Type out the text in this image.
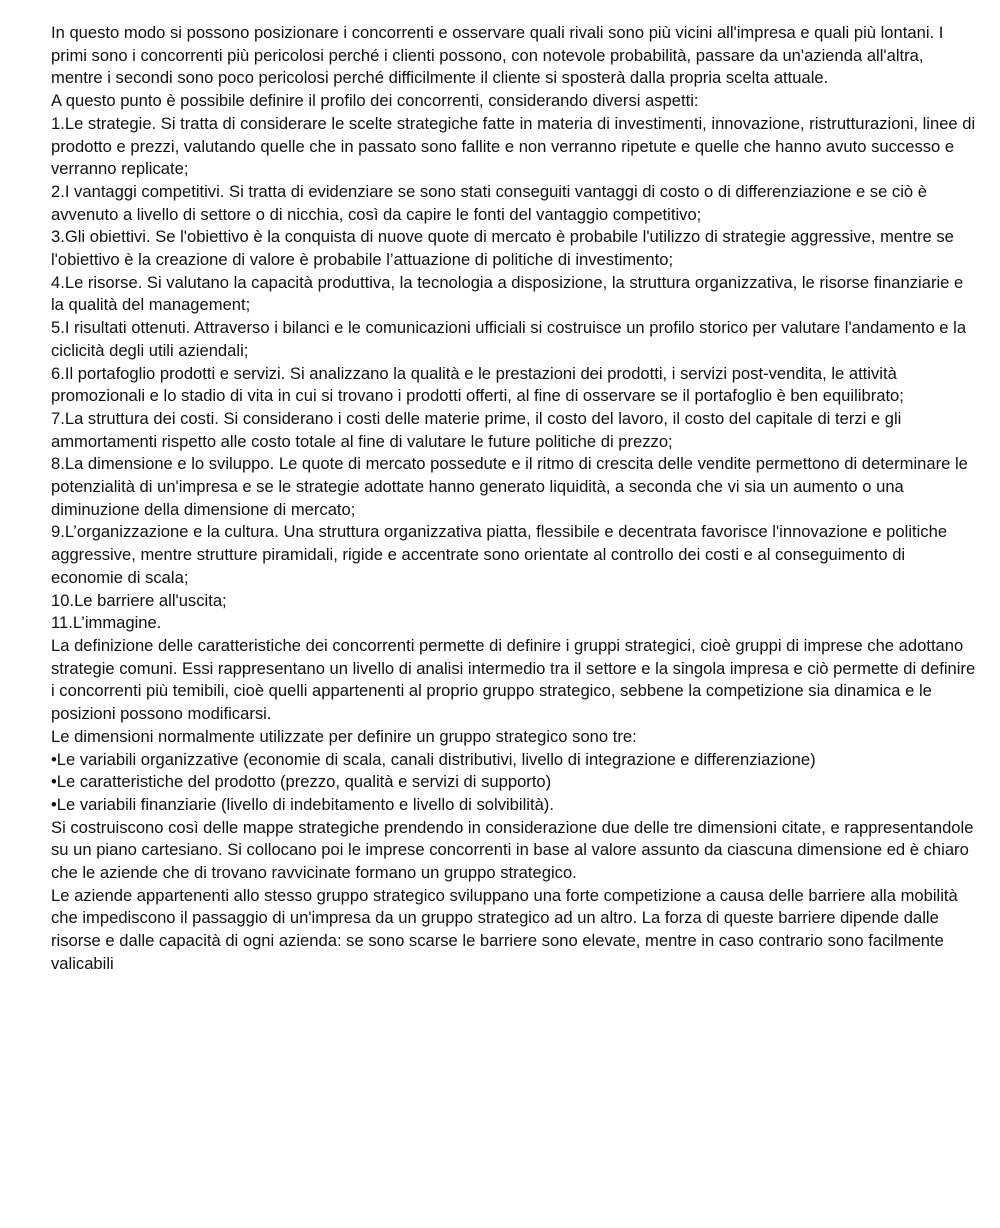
In questo modo si possono posizionare i concorrenti e osservare quali rivali sono più vicini all'impresa e quali più lontani. I primi sono i concorrenti più pericolosi perché i clienti possono, con notevole probabilità, passare da un'azienda all'altra, mentre i secondi sono poco pericolosi perché difficilmente il cliente si sposterà dalla propria scelta attuale.

A questo punto è possibile definire il profilo dei concorrenti, considerando diversi aspetti:

1.Le strategie. Si tratta di considerare le scelte strategiche fatte in materia di investimenti, innovazione, ristrutturazioni, linee di prodotto e prezzi, valutando quelle che in passato sono fallite e non verranno ripetute e quelle che hanno avuto successo e verranno replicate;

2.I vantaggi competitivi. Si tratta di evidenziare se sono stati conseguiti vantaggi di costo o di differenziazione e se ciò è avvenuto a livello di settore o di nicchia, così da capire le fonti del vantaggio competitivo;

3.Gli obiettivi. Se l'obiettivo è la conquista di nuove quote di mercato è probabile l'utilizzo di strategie aggressive, mentre se l'obiettivo è la creazione di valore è probabile l’attuazione di politiche di investimento;

4.Le risorse. Si valutano la capacità produttiva, la tecnologia a disposizione, la struttura organizzativa, le risorse finanziarie e la qualità del management;

5.I risultati ottenuti. Attraverso i bilanci e le comunicazioni ufficiali si costruisce un profilo storico per valutare l'andamento e la ciclicità degli utili aziendali;

6.Il portafoglio prodotti e servizi. Si analizzano la qualità e le prestazioni dei prodotti, i servizi post-vendita, le attività promozionali e lo stadio di vita in cui si trovano i prodotti offerti, al fine di osservare se il portafoglio è ben equilibrato;

7.La struttura dei costi. Si considerano i costi delle materie prime, il costo del lavoro, il costo del capitale di terzi e gli ammortamenti rispetto alle costo totale al fine di valutare le future politiche di prezzo;

8.La dimensione e lo sviluppo. Le quote di mercato possedute e il ritmo di crescita delle vendite permettono di determinare le potenzialità di un'impresa e se le strategie adottate hanno generato liquidità, a seconda che vi sia un aumento o una diminuzione della dimensione di mercato;

9.L’organizzazione e la cultura. Una struttura organizzativa piatta, flessibile e decentrata favorisce l'innovazione e politiche aggressive, mentre strutture piramidali, rigide e accentrate sono orientate al controllo dei costi e al conseguimento di economie di scala;

10.Le barriere all'uscita;

11.L’immagine.

La definizione delle caratteristiche dei concorrenti permette di definire i gruppi strategici, cioè gruppi di imprese che adottano strategie comuni. Essi rappresentano un livello di analisi intermedio tra il settore e la singola impresa e ciò permette di definire i concorrenti più temibili, cioè quelli appartenenti al proprio gruppo strategico, sebbene la competizione sia dinamica e le posizioni possono modificarsi.

Le dimensioni normalmente utilizzate per definire un gruppo strategico sono tre:

•Le variabili organizzative (economie di scala, canali distributivi, livello di integrazione e differenziazione)

•Le caratteristiche del prodotto (prezzo, qualità e servizi di supporto)

•Le variabili finanziarie (livello di indebitamento e livello di solvibilità).

Si costruiscono così delle mappe strategiche prendendo in considerazione due delle tre dimensioni citate, e rappresentandole su un piano cartesiano. Si collocano poi le imprese concorrenti in base al valore assunto da ciascuna dimensione ed è chiaro che le aziende che di trovano ravvicinate formano un gruppo strategico.

Le aziende appartenenti allo stesso gruppo strategico sviluppano una forte competizione a causa delle barriere alla mobilità che impediscono il passaggio di un'impresa da un gruppo strategico ad un altro. La forza di queste barriere dipende dalle risorse e dalle capacità di ogni azienda: se sono scarse le barriere sono elevate, mentre in caso contrario sono facilmente valicabili
